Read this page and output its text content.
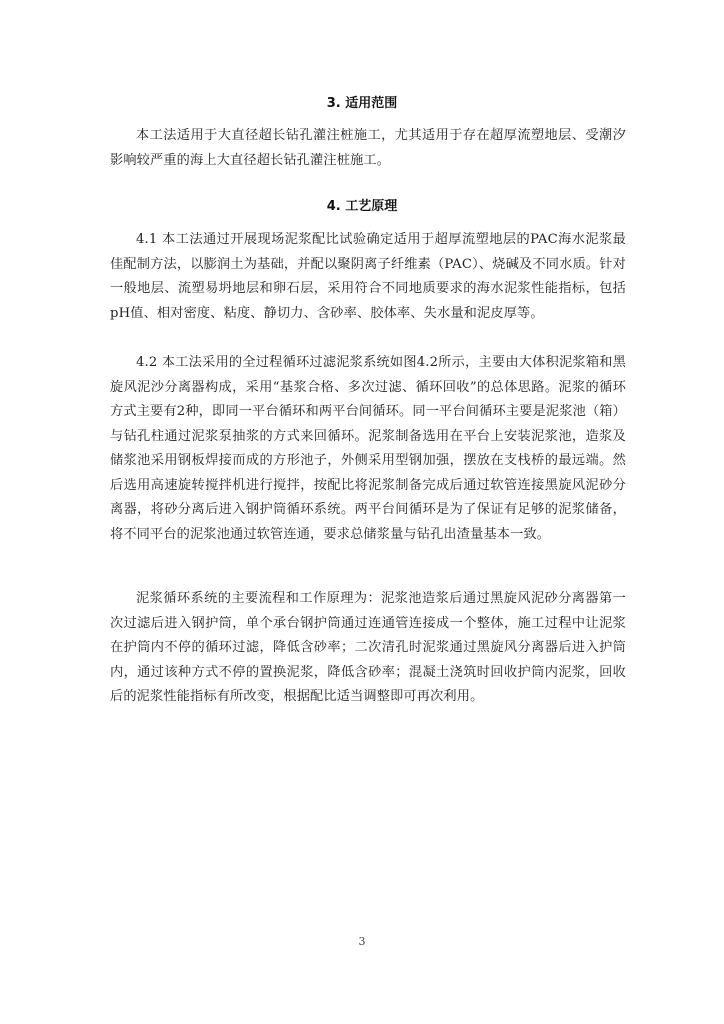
3. 适用范围

本工法适用于大直径超长钻孔灌注桩施工，尤其适用于存在超厚流塑地层、受潮汐影响较严重的海上大直径超长钻孔灌注桩施工。

4. 工艺原理

4.1 本工法通过开展现场泥浆配比试验确定适用于超厚流塑地层的PAC海水泥浆最佳配制方法，以膨润土为基础，并配以聚阴离子纤维素（PAC）、烧碱及不同水质。针对一般地层、流塑易坍地层和卵石层，采用符合不同地质要求的海水泥浆性能指标，包括pH值、相对密度、粘度、静切力、含砂率、胶体率、失水量和泥皮厚等。

4.2 本工法采用的全过程循环过滤泥浆系统如图4.2所示，主要由大体积泥浆箱和黑旋风泥沙分离器构成，采用“基浆合格、多次过滤、循环回收”的总体思路。泥浆的循环方式主要有2种，即同一平台循环和两平台间循环。同一平台间循环主要是泥浆池（箱）与钻孔柱通过泥浆泵抽浆的方式来回循环。泥浆制备选用在平台上安装泥浆池，造浆及储浆池采用钢板焊接而成的方形池子，外侧采用型钢加强，摆放在支栈桥的最远端。然后选用高速旋转搅拌机进行搅拌，按配比将泥浆制备完成后通过软管连接黑旋风泥砂分离器，将砂分离后进入钢护筒循环系统。两平台间循环是为了保证有足够的泥浆储备，将不同平台的泥浆池通过软管连通，要求总储浆量与钻孔出渣量基本一致。

泥浆循环系统的主要流程和工作原理为：泥浆池造浆后通过黑旋风泥砂分离器第一次过滤后进入钢护筒，单个承台钢护筒通过连通管连接成一个整体，施工过程中让泥浆在护筒内不停的循环过滤，降低含砂率；二次清孔时泥浆通过黑旋风分离器后进入护筒内，通过该种方式不停的置换泥浆，降低含砂率；混凝土浇筑时回收护筒内泥浆，回收后的泥浆性能指标有所改变，根据配比适当调整即可再次利用。

3
